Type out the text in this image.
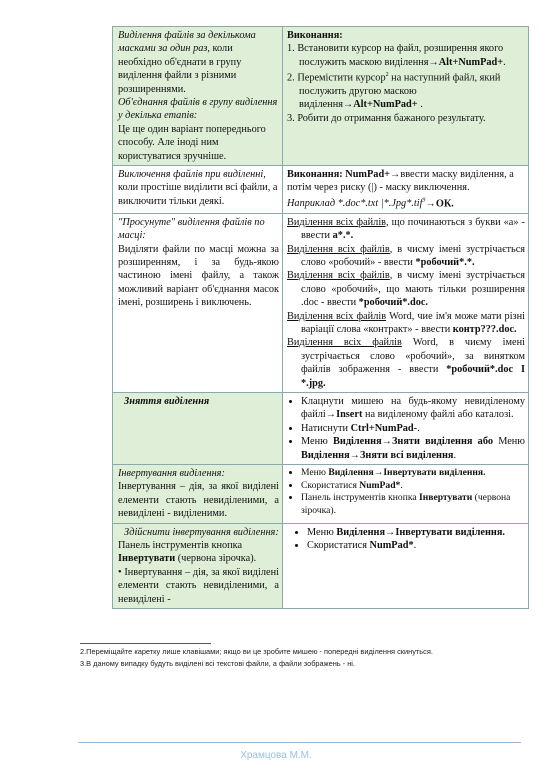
Виділення файлів за декількома масками за один раз, коли необхідно об'єднати в групу виділення файли з різними розширеннями.
Об'єднання файлів в групу виділення у декілька етапів:
Це ще один варіант попереднього способу. Але іноді ним користуватися зручніше.
Виконання:
1. Встановити курсор на файл, розширення якого послужить маскою виділення→Alt+NumPad+.
2. Перемістити курсор$^2$ на наступний файл, який послужить другою маскою виділення→Alt+NumPad+ .
3. Робити до отримання бажаного результату.
Виключення файлів при виділенні, коли простіше виділити всі файли, а виключити тільки деякі.
Виконання: NumPad+→ввести маску виділення, а потім через риску (|) - маску виключення.
Наприклад *.doc*.txt |*.Jpg*.tif$^3$→ОК.
"Просунуте" виділення файлів по масці:
Виділяти файли по масці можна за розширенням, і за будь-якою частиною імені файлу, а також можливий варіант об'єднання масок імені, розширень і виключень.
Виділення всіх файлів, що починаються з букви «а» - ввести а*.*.
Виділення всіх файлів, в чисму імені зустрічається слово «робочий» - ввести *робочий*.*.
Виділення всіх файлів, в чисму імені зустрічається слово «робочий», що мають тільки розширення .doc - ввести *робочий*.doc.
Виділення всіх файлів Word, чие ім'я може мати різні варіації слова «контракт» - ввести контр???.doc.
Виділення всіх файлів Word, в чиєму імені зустрічається слово «робочий», за винятком файлів зображення - ввести *робочий*.doc I *.jpg.
Зняття виділення
•	Клацнути мишею на будь-якому невиділеному файлі→Insert на виділеному файлі або каталозі.
• Натиснути Ctrl+NumPad-.
• Меню Виділення→Зняти виділення або Меню Виділення→Зняти всі виділення.
Інвертування виділення:
Інвертування – дія, за якої виділені елементи стають невиділеними, а невиділені - виділеними.
• Меню Виділення→Інвертувати виділення.
• Скористатися NumPad*.
• Панель інструментів кнопка Інвертувати (червона зірочка).
Здійснити інвертування виділення: Панель інструментів кнопка Інвертувати (червона зірочка).
• Інвертування – дія, за якої виділені елементи стають невиділеними, а невиділені -
• Меню Виділення→Інвертувати виділення.
• Скористатися NumPad*.
2.Переміщайте каретку лише клавішами; якщо ви це зробите мишею - попередні виділення скинуться.
3.В даному випадку будуть виділені всі текстові файли, а файли зображень - ні.
Храмцова М.М.
